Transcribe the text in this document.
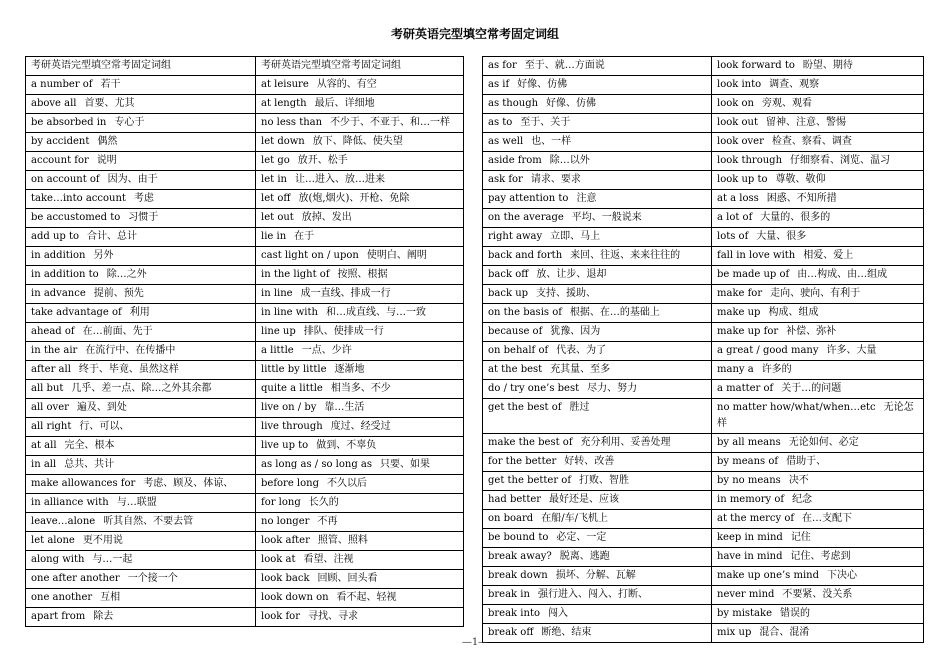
考研英语完型填空常考固定词组
考研英语完型填空常考固定词组	考研英语完型填空常考固定词组
a number of 若干	at leisure 从容的、有空
above all 首要、尤其	at length 最后、详细地
be absorbed in 专心于	no less than 不少于、不亚于、和…一样
by accident 偶然	let down 放下、降低、使失望
account for 说明	let go 放开、松手
on account of 因为、由于	let in 让…进入、放…进来
take…into account 考虑	let off 放(炮,烟火)、开枪、免除
be accustomed to 习惯于	let out 放掉、发出
add up to 合计、总计	lie in 在于
in addition 另外	cast light on / upon 使明白、阐明
in addition to 除…之外	in the light of 按照、根据
in advance 提前、预先	in line 成一直线、排成一行
take advantage of 利用	in line with 和…成直线、与…一致
ahead of 在…前面、先于	line up 排队、使排成一行
in the air 在流行中、在传播中	a little 一点、少许
after all 终于、毕竟、虽然这样	little by little 逐渐地
all but 几乎、差一点、除…之外其余都	quite a little 相当多、不少
all over 遍及、到处	live on / by 靠…生活
all right 行、可以、	live through 度过、经受过
at all 完全、根本	live up to 做到、不辜负
in all 总共、共计	as long as / so long as 只要、如果
make allowances for 考虑、顾及、体谅、	before long 不久以后
in alliance with 与…联盟	for long 长久的
leave…alone 听其自然、不要去管	no longer 不再
let alone 更不用说	look after 照管、照料
along with 与…一起	look at 看望、注视
one after another 一个接一个	look back 回顾、回头看
one another 互相	look down on 看不起、轻视
apart from 除去	look for 寻找、寻求
as for 至于、就…方面说	look forward to 盼望、期待
as if 好像、仿佛	look into 调查、观察
as though 好像、仿佛	look on 旁观、观看
as to 至于、关于	look out 留神、注意、警惕
as well 也、一样	look over 检查、察看、调查
aside from 除…以外	look through 仔细察看、浏览、温习
ask for 请求、要求	look up to 尊敬、敬仰
pay attention to 注意	at a loss 困惑、不知所措
on the average 平均、一般说来	a lot of 大量的、很多的
right away 立即、马上	lots of 大量、很多
back and forth 来回、往返、来来往往的	fall in love with 相爱、爱上
back off 放、让步、退却	be made up of 由…构成、由…组成
back up 支持、援助、	make for 走向、驶向、有利于
on the basis of 根据、在…的基础上	make up 构成、组成
because of 犹豫、因为	make up for 补偿、弥补
on behalf of 代表、为了	a great / good many 许多、大量
at the best 充其量、至多	many a 许多的
do / try one’s best 尽力、努力	a matter of 关于…的问题
get the best of 胜过	no matter how/what/when…etc 无论怎样
make the best of 充分利用、妥善处理	by all means 无论如何、必定
for the better 好转、改善	by means of 借助于、
get the better of 打败、智胜	by no means 决不
had better 最好还是、应该	in memory of 纪念
on board 在船/车/飞机上	at the mercy of 在…支配下
be bound to 必定、一定	keep in mind 记住
break away? 脱离、逃跑	have in mind 记住、考虑到
break down 损坏、分解、瓦解	make up one’s mind 下决心
break in 强行进入、闯入、打断、	never mind 不要紧、没关系
break into 闯入	by mistake 错误的
break off 断绝、结束	mix up 混合、混淆
—1—
